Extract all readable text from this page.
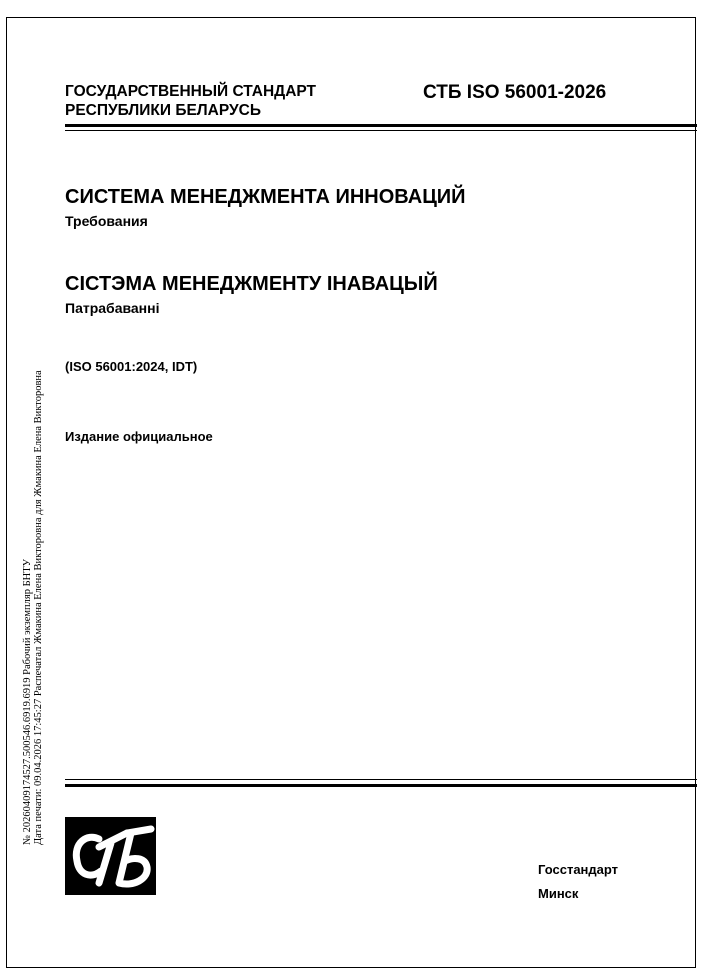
ГОСУДАРСТВЕННЫЙ СТАНДАРТ
РЕСПУБЛИКИ БЕЛАРУСЬ
СТБ ISO 56001-2026
СИСТЕМА МЕНЕДЖМЕНТА ИННОВАЦИЙ
Требования
СІСТЭМА МЕНЕДЖМЕНТУ ІНАВАЦЫЙ
Патрабаванні
(ISO 56001:2024, IDT)
Издание официальное
№ 20260409174527.500546.6919.6919 Рабочий экземпляр БНТУ Дата печати: 09.04.2026 17:45:27 Распечатал Жмакина Елена Викторовна для Жмакина Елена Викторовна
Госстандарт
Минск
